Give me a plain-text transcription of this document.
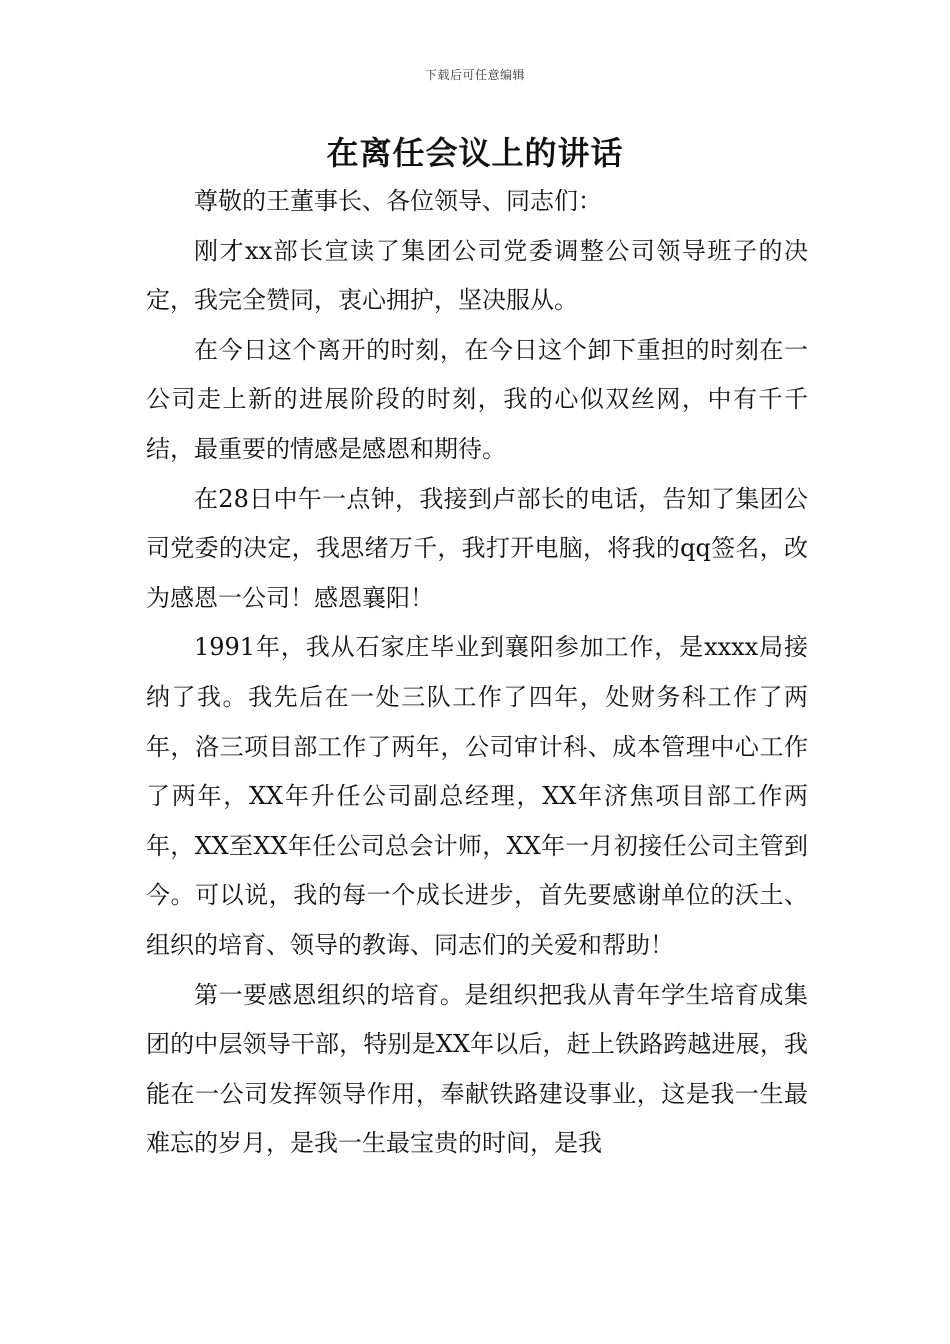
下载后可任意编辑
在离任会议上的讲话

尊敬的王董事长、各位领导、同志们：

刚才xx部长宣读了集团公司党委调整公司领导班子的决定，我完全赞同，衷心拥护，坚决服从。

在今日这个离开的时刻，在今日这个卸下重担的时刻在一公司走上新的进展阶段的时刻，我的心似双丝网，中有千千结，最重要的情感是感恩和期待。

在28日中午一点钟，我接到卢部长的电话，告知了集团公司党委的决定，我思绪万千，我打开电脑，将我的qq签名，改为感恩一公司！感恩襄阳！

1991年，我从石家庄毕业到襄阳参加工作，是xxxx局接纳了我。我先后在一处三队工作了四年，处财务科工作了两年，洛三项目部工作了两年，公司审计科、成本管理中心工作了两年，XX年升任公司副总经理，XX年济焦项目部工作两年，XX至XX年任公司总会计师，XX年一月初接任公司主管到今。可以说，我的每一个成长进步，首先要感谢单位的沃土、组织的培育、领导的教诲、同志们的关爱和帮助！

第一要感恩组织的培育。是组织把我从青年学生培育成集团的中层领导干部，特别是XX年以后，赶上铁路跨越进展，我能在一公司发挥领导作用，奉献铁路建设事业，这是我一生最难忘的岁月，是我一生最宝贵的时间，是我
